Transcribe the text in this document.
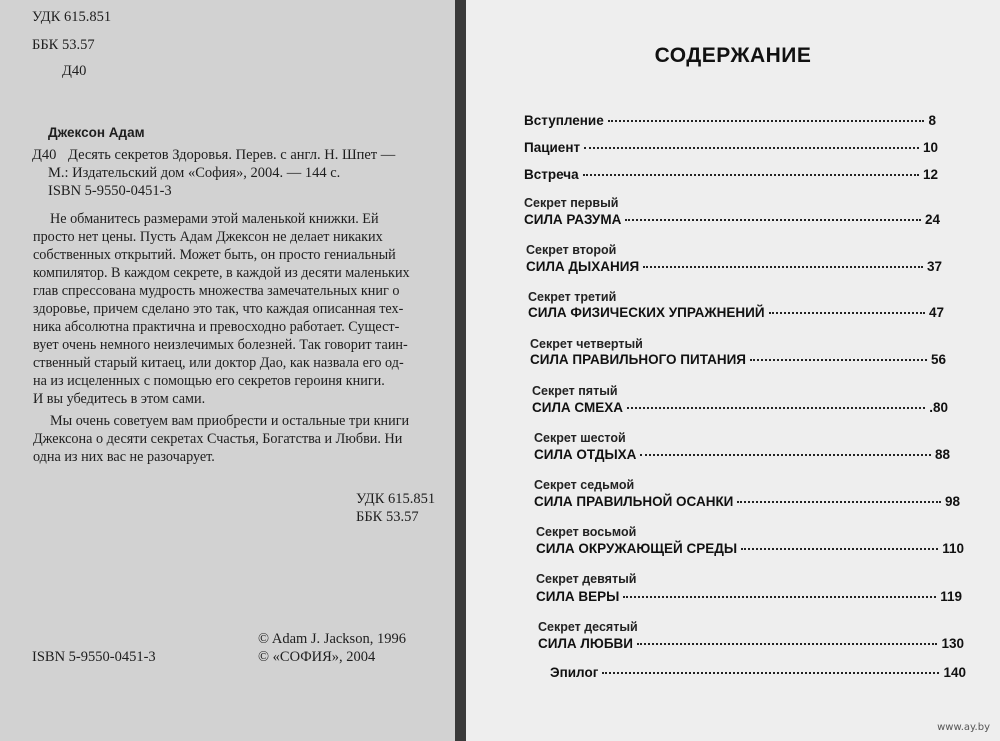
УДК 615.851
ББК 53.57
Д40
Джексон Адам
Д40 Десять секретов Здоровья. Перев. с англ. Н. Шпет —
М.: Издательский дом «София», 2004. — 144 с.
ISBN 5-9550-0451-3
Не обманитесь размерами этой маленькой книжки. Ей
просто нет цены. Пусть Адам Джексон не делает никаких
собственных открытий. Может быть, он просто гениальный
компилятор. В каждом секрете, в каждой из десяти маленьких
глав спрессована мудрость множества замечательных книг о
здоровье, причем сделано это так, что каждая описанная тех-
ника абсолютна практична и превосходно работает. Сущест-
вует очень немного неизлечимых болезней. Так говорит таин-
ственный старый китаец, или доктор Дао, как назвала его од-
на из исцеленных с помощью его секретов героиня книги.
И вы убедитесь в этом сами.
Мы очень советуем вам приобрести и остальные три книги
Джексона о десяти секретах Счастья, Богатства и Любви. Ни
одна из них вас не разочарует.
УДК 615.851
ББК 53.57
© Adam J. Jackson, 1996
© «СОФИЯ», 2004
ISBN 5-9550-0451-3
СОДЕРЖАНИЕ
Вступление	8
Пациент	10
Встреча	12
Секрет первый
СИЛА РАЗУМА	24
Секрет второй
СИЛА ДЫХАНИЯ	37
Секрет третий
СИЛА ФИЗИЧЕСКИХ УПРАЖНЕНИЙ	47
Секрет четвертый
СИЛА ПРАВИЛЬНОГО ПИТАНИЯ	56
Секрет пятый
СИЛА СМЕХА	.80
Секрет шестой
СИЛА ОТДЫХА	88
Секрет седьмой
СИЛА ПРАВИЛЬНОЙ ОСАНКИ	98
Секрет восьмой
СИЛА ОКРУЖАЮЩЕЙ СРЕДЫ	110
Секрет девятый
СИЛА ВЕРЫ	119
Секрет десятый
СИЛА ЛЮБВИ	130
Эпилог	140
www.ay.by
